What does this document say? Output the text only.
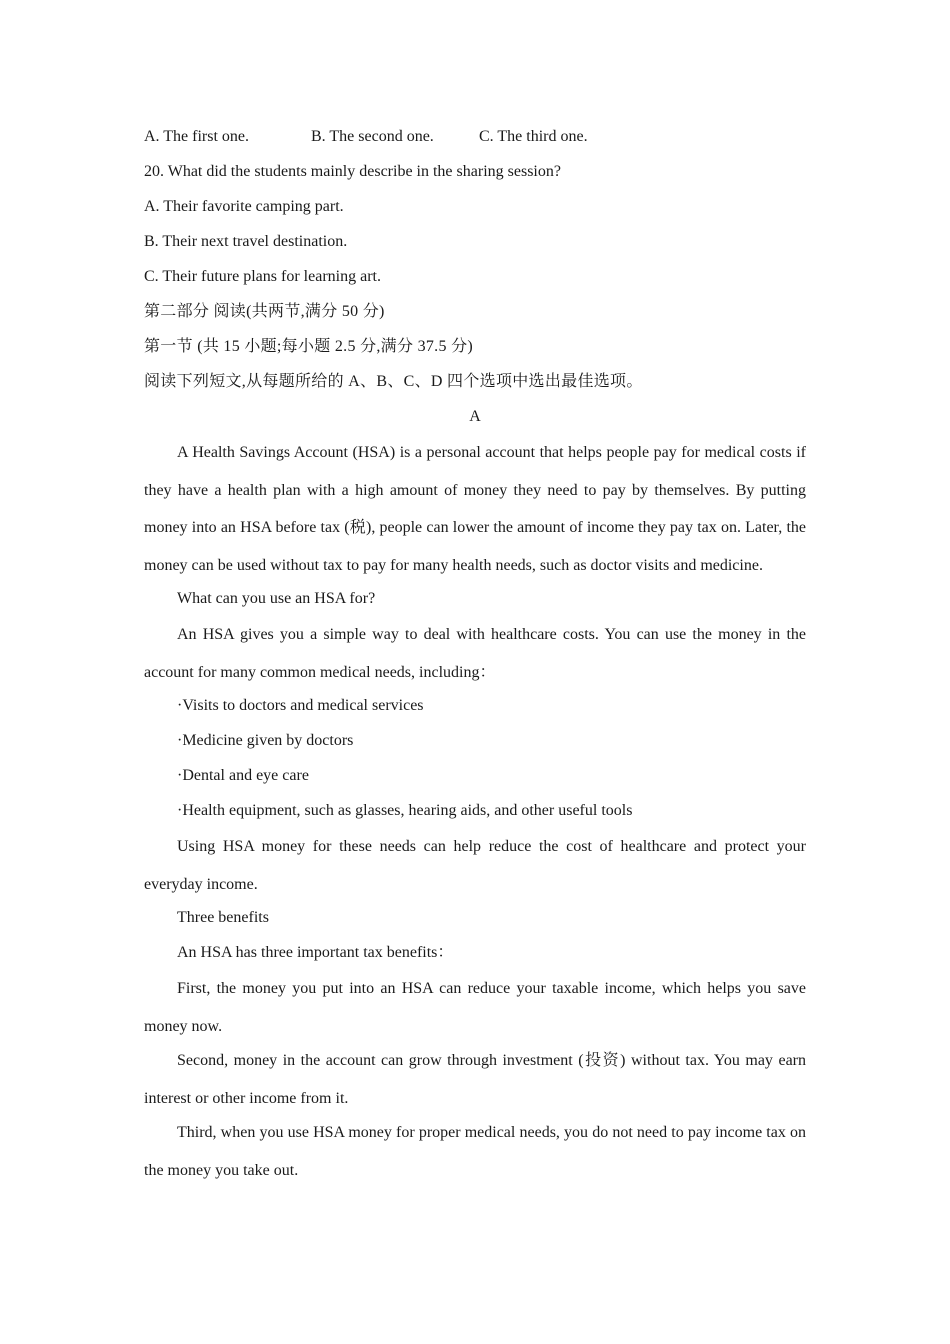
A. The first one.	B. The second one.	C. The third one.
20. What did the students mainly describe in the sharing session?
A. Their favorite camping part.
B. Their next travel destination.
C. Their future plans for learning art.
第二部分 阅读(共两节,满分 50 分)
第一节 (共 15 小题;每小题 2.5 分,满分 37.5 分)
阅读下列短文,从每题所给的 A、B、C、D 四个选项中选出最佳选项。
A
A Health Savings Account (HSA) is a personal account that helps people pay for medical costs if they have a health plan with a high amount of money they need to pay by themselves. By putting money into an HSA before tax (税), people can lower the amount of income they pay tax on. Later, the money can be used without tax to pay for many health needs, such as doctor visits and medicine.
What can you use an HSA for?
An HSA gives you a simple way to deal with healthcare costs. You can use the money in the account for many common medical needs, including：
·Visits to doctors and medical services
·Medicine given by doctors
·Dental and eye care
·Health equipment, such as glasses, hearing aids, and other useful tools
Using HSA money for these needs can help reduce the cost of healthcare and protect your everyday income.
Three benefits
An HSA has three important tax benefits：
First, the money you put into an HSA can reduce your taxable income, which helps you save money now.
Second, money in the account can grow through investment (投资) without tax. You may earn interest or other income from it.
Third, when you use HSA money for proper medical needs, you do not need to pay income tax on the money you take out.
